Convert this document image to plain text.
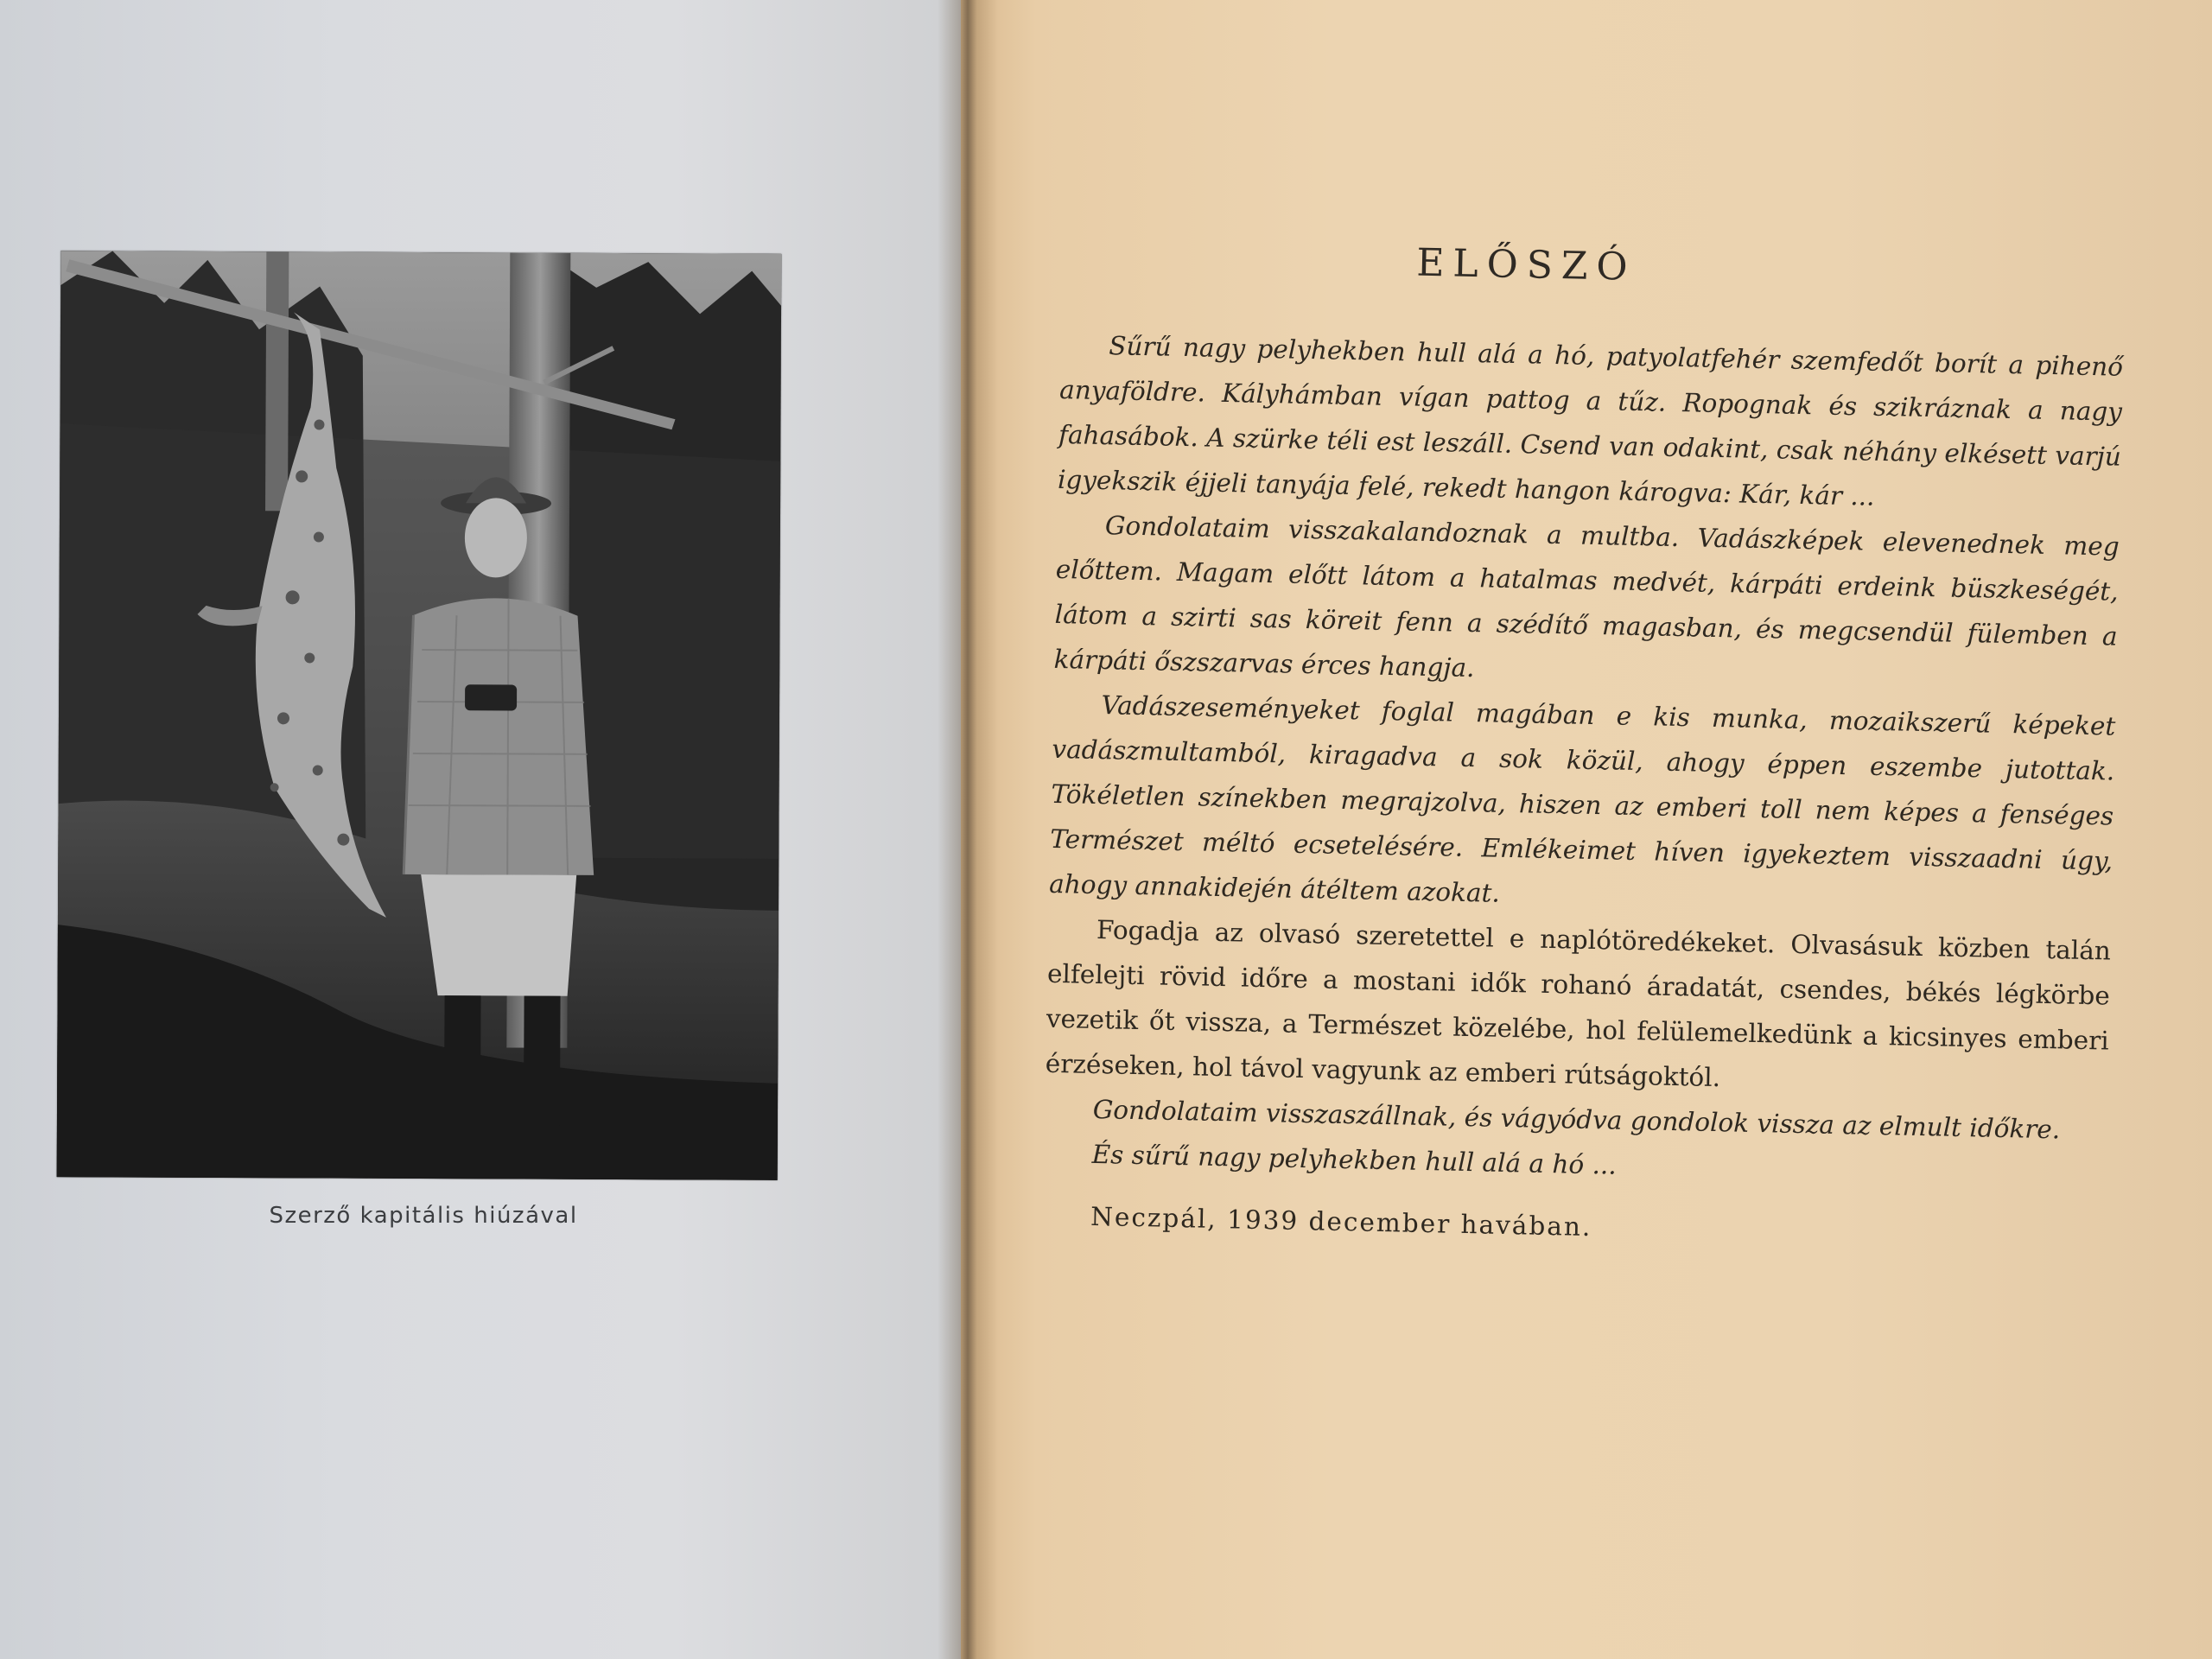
Szerző kapitális hiúzával
ELŐSZÓ

Sűrű nagy pelyhekben hull alá a hó, patyolatfehér szemfedőt borít a pihenő anyaföldre. Kályhámban vígan pattog a tűz. Ropognak és szikráznak a nagy fahasábok. A szürke téli est leszáll. Csend van odakint, csak néhány elkésett varjú igyekszik éjjeli tanyája felé, rekedt hangon károgva: Kár, kár ...

Gondolataim visszakalandoznak a multba. Vadászképek elevenednek meg előttem. Magam előtt látom a hatalmas medvét, kárpáti erdeink büszkeségét, látom a szirti sas köreit fenn a szédítő magasban, és megcsendül fülemben a kárpáti őszszarvas érces hangja.

Vadászeseményeket foglal magában e kis munka, mozaikszerű képeket vadászmultamból, kiragadva a sok közül, ahogy éppen eszembe jutottak. Tökéletlen színekben megrajzolva, hiszen az emberi toll nem képes a fenséges Természet méltó ecsetelésére. Emlékeimet híven igyekeztem visszaadni úgy, ahogy annakidején átéltem azokat.

Fogadja az olvasó szeretettel e naplótöredékeket. Olvasásuk közben talán elfelejti rövid időre a mostani idők rohanó áradatát, csendes, békés légkörbe vezetik őt vissza, a Természet közelébe, hol felülemelkedünk a kicsinyes emberi érzéseken, hol távol vagyunk az emberi rútságoktól.

Gondolataim visszaszállnak, és vágyódva gondolok vissza az elmult időkre.

És sűrű nagy pelyhekben hull alá a hó ...

Neczpál, 1939 december havában.
